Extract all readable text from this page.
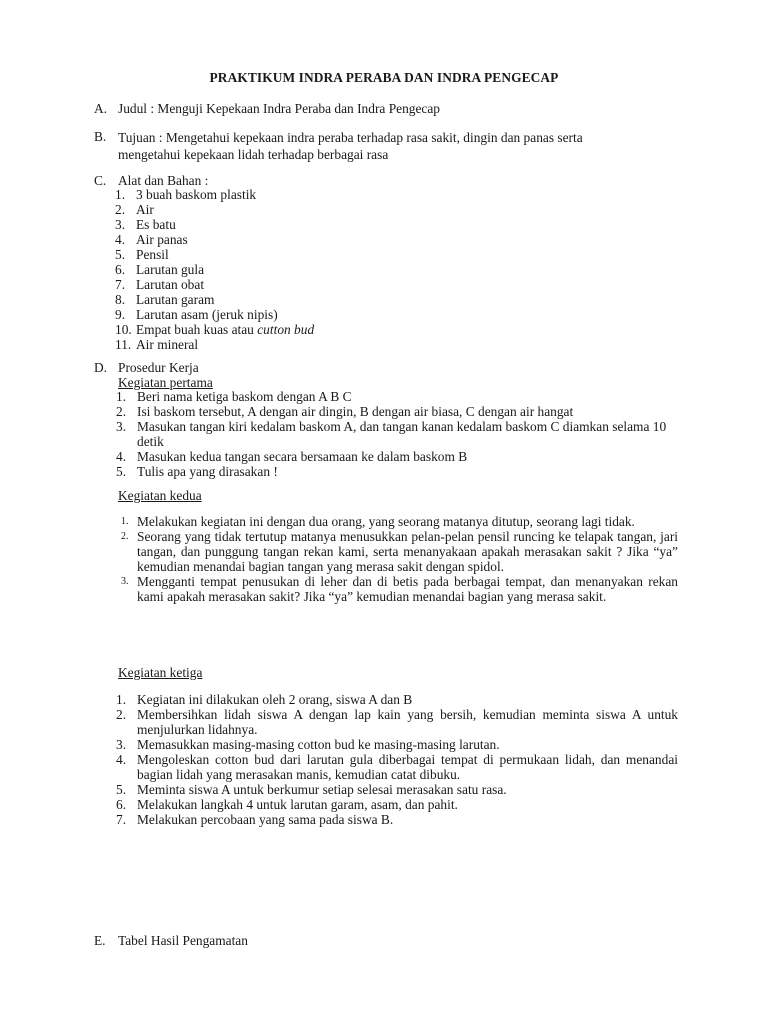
PRAKTIKUM INDRA PERABA DAN INDRA PENGECAP
A. Judul : Menguji Kepekaan Indra Peraba dan Indra Pengecap
B. Tujuan : Mengetahui kepekaan indra peraba terhadap rasa sakit, dingin dan panas serta
mengetahui kepekaan lidah terhadap berbagai rasa
C. Alat dan Bahan :
1. 3 buah baskom plastik
2. Air
3. Es batu
4. Air panas
5. Pensil
6. Larutan gula
7. Larutan obat
8. Larutan garam
9. Larutan asam (jeruk nipis)
10. Empat buah kuas atau cutton bud
11. Air mineral
D. Prosedur Kerja
Kegiatan pertama
1. Beri nama ketiga baskom dengan A B C
2. Isi baskom tersebut, A dengan air dingin, B dengan air biasa, C dengan air hangat
3. Masukan tangan kiri kedalam baskom A, dan tangan kanan kedalam baskom C diamkan selama 10 detik
4. Masukan kedua tangan secara bersamaan ke dalam baskom B
5. Tulis apa yang dirasakan !
Kegiatan kedua
1. Melakukan kegiatan ini dengan dua orang, yang seorang matanya ditutup, seorang lagi tidak.
2. Seorang yang tidak tertutup matanya menusukkan pelan-pelan pensil runcing ke telapak tangan, jari tangan, dan punggung tangan rekan kami, serta menanyakaan apakah merasakan sakit ? Jika “ya” kemudian menandai bagian tangan yang merasa sakit dengan spidol.
3. Mengganti tempat penusukan di leher dan di betis pada berbagai tempat, dan menanyakan rekan kami apakah merasakan sakit? Jika “ya” kemudian menandai bagian yang merasa sakit.
Kegiatan ketiga
1. Kegiatan ini dilakukan oleh 2 orang, siswa A dan B
2. Membersihkan lidah siswa A dengan lap kain yang bersih, kemudian meminta siswa A untuk menjulurkan lidahnya.
3. Memasukkan masing-masing cotton bud ke masing-masing larutan.
4. Mengoleskan cotton bud dari larutan gula diberbagai tempat di permukaan lidah, dan menandai bagian lidah yang merasakan manis, kemudian catat dibuku.
5. Meminta siswa A untuk berkumur setiap selesai merasakan satu rasa.
6. Melakukan langkah 4 untuk larutan garam, asam, dan pahit.
7. Melakukan percobaan yang sama pada siswa B.
E. Tabel Hasil Pengamatan
